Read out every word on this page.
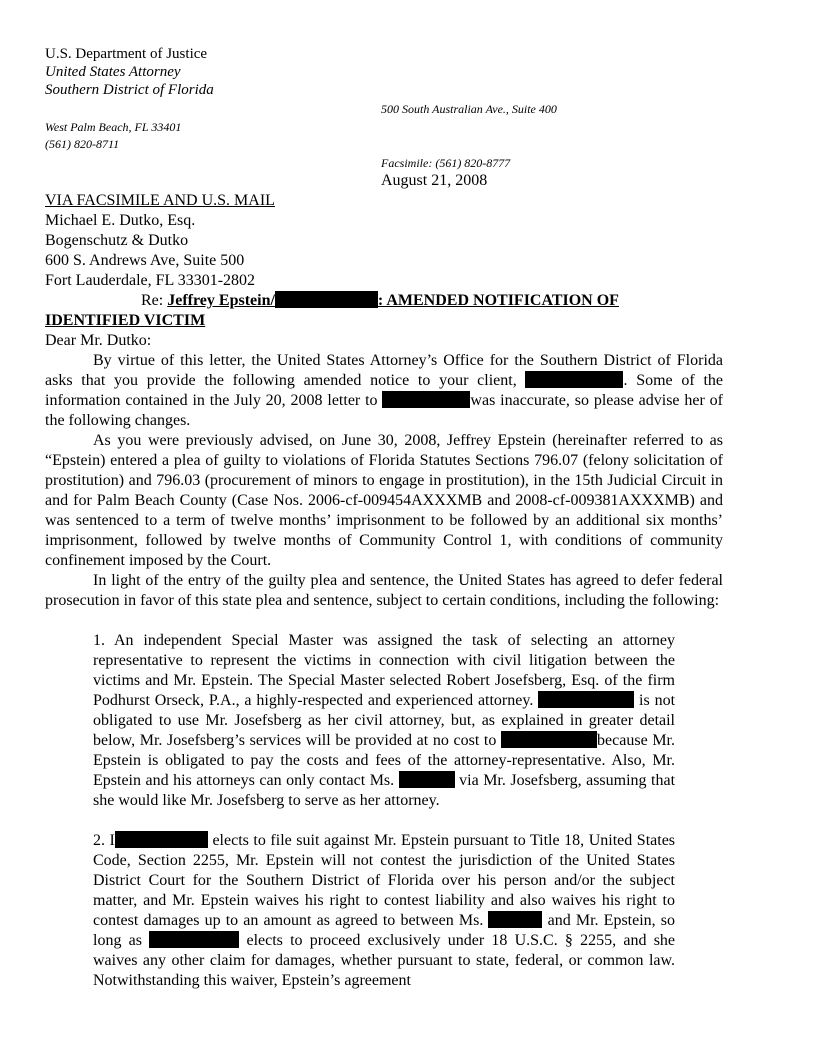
U.S. Department of Justice
United States Attorney
Southern District of Florida
500 South Australian Ave., Suite 400
West Palm Beach, FL 33401
(561) 820-8711
Facsimile: (561) 820-8777
August 21, 2008
VIA FACSIMILE AND U.S. MAIL
Michael E. Dutko, Esq.
Bogenschutz & Dutko
600 S. Andrews Ave, Suite 500
Fort Lauderdale, FL 33301-2802
Re: Jeffrey Epstein/	: AMENDED NOTIFICATION OF
IDENTIFIED VICTIM
Dear Mr. Dutko:
By virtue of this letter, the United States Attorney’s Office for the Southern District of Florida asks that you provide the following amended notice to your client,	. Some of the information contained in the July 20, 2008 letter to	was inaccurate, so please advise her of the following changes.
As you were previously advised, on June 30, 2008, Jeffrey Epstein (hereinafter referred to as “Epstein) entered a plea of guilty to violations of Florida Statutes Sections 796.07 (felony solicitation of prostitution) and 796.03 (procurement of minors to engage in prostitution), in the 15th Judicial Circuit in and for Palm Beach County (Case Nos. 2006-cf-009454AXXXMB and 2008-cf-009381AXXXMB) and was sentenced to a term of twelve months’ imprisonment to be followed by an additional six months’ imprisonment, followed by twelve months of Community Control 1, with conditions of community confinement imposed by the Court.
In light of the entry of the guilty plea and sentence, the United States has agreed to defer federal prosecution in favor of this state plea and sentence, subject to certain conditions, including the following:
1. An independent Special Master was assigned the task of selecting an attorney representative to represent the victims in connection with civil litigation between the victims and Mr. Epstein. The Special Master selected Robert Josefsberg, Esq. of the firm Podhurst Orseck, P.A., a highly-respected and experienced attorney.	is not obligated to use Mr. Josefsberg as her civil attorney, but, as explained in greater detail below, Mr. Josefsberg’s services will be provided at no cost to	because Mr. Epstein is obligated to pay the costs and fees of the attorney-representative. Also, Mr. Epstein and his attorneys can only contact Ms.	via Mr. Josefsberg, assuming that she would like Mr. Josefsberg to serve as her attorney.
2. I	elects to file suit against Mr. Epstein pursuant to Title 18, United States Code, Section 2255, Mr. Epstein will not contest the jurisdiction of the United States District Court for the Southern District of Florida over his person and/or the subject matter, and Mr. Epstein waives his right to contest liability and also waives his right to contest damages up to an amount as agreed to between Ms.	and Mr. Epstein, so long as	elects to proceed exclusively under 18 U.S.C. § 2255, and she waives any other claim for damages, whether pursuant to state, federal, or common law. Notwithstanding this waiver, Epstein’s agreement
